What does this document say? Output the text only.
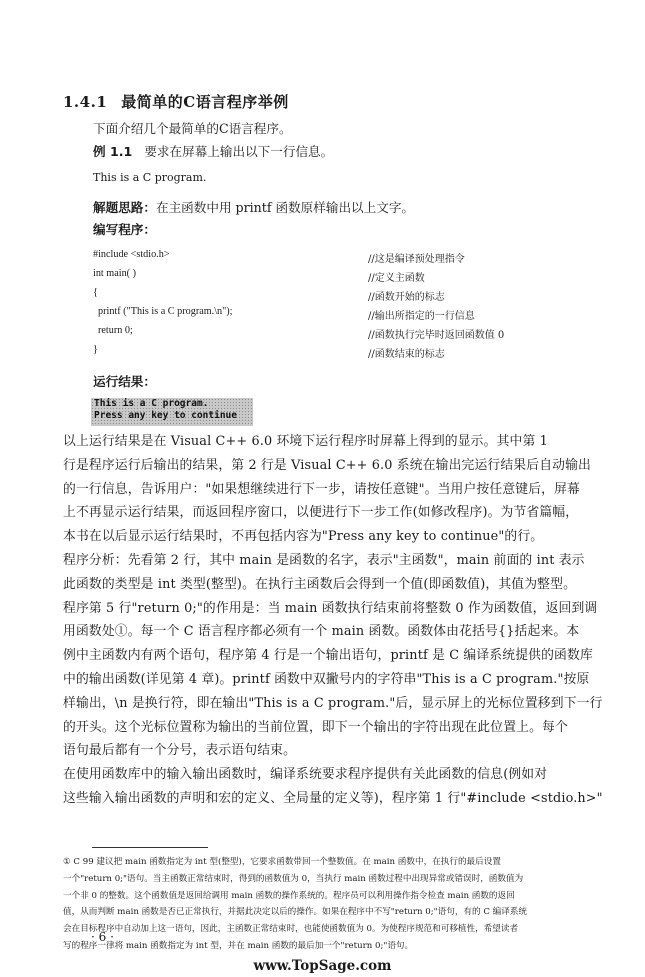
1.4.1 最简单的C语言程序举例
下面介绍几个最简单的C语言程序。
例 1.1 要求在屏幕上输出以下一行信息。
This is a C program.
解题思路：在主函数中用 printf 函数原样输出以上文字。
编写程序：
#include <stdio.h>	//这是编译预处理指令
int main( )	//定义主函数
{	//函数开始的标志
printf ("This is a C program.\n");	//输出所指定的一行信息
return 0;	//函数执行完毕时返回函数值 0
}	//函数结束的标志
运行结果：
This is a C program.
Press any key to continue
以上运行结果是在 Visual C++ 6.0 环境下运行程序时屏幕上得到的显示。其中第 1
行是程序运行后输出的结果，第 2 行是 Visual C++ 6.0 系统在输出完运行结果后自动输出
的一行信息，告诉用户："如果想继续进行下一步，请按任意键"。当用户按任意键后，屏幕
上不再显示运行结果，而返回程序窗口，以便进行下一步工作(如修改程序)。为节省篇幅，
本书在以后显示运行结果时，不再包括内容为"Press any key to continue"的行。
程序分析：先看第 2 行，其中 main 是函数的名字，表示"主函数"，main 前面的 int 表示
此函数的类型是 int 类型(整型)。在执行主函数后会得到一个值(即函数值)，其值为整型。
程序第 5 行"return 0;"的作用是：当 main 函数执行结束前将整数 0 作为函数值，返回到调
用函数处①。每一个 C 语言程序都必须有一个 main 函数。函数体由花括号{}括起来。本
例中主函数内有两个语句，程序第 4 行是一个输出语句，printf 是 C 编译系统提供的函数库
中的输出函数(详见第 4 章)。printf 函数中双撇号内的字符串"This is a C program."按原
样输出，\n 是换行符，即在输出"This is a C program."后，显示屏上的光标位置移到下一行
的开头。这个光标位置称为输出的当前位置，即下一个输出的字符出现在此位置上。每个
语句最后都有一个分号，表示语句结束。
在使用函数库中的输入输出函数时，编译系统要求程序提供有关此函数的信息(例如对
这些输入输出函数的声明和宏的定义、全局量的定义等)，程序第 1 行"#include <stdio.h>"
① C 99 建议把 main 函数指定为 int 型(整型)，它要求函数带回一个整数值。在 main 函数中，在执行的最后设置
一个"return 0;"语句。当主函数正常结束时，得到的函数值为 0，当执行 main 函数过程中出现异常或错误时，函数值为
一个非 0 的整数。这个函数值是返回给调用 main 函数的操作系统的。程序员可以利用操作指令检查 main 函数的返回
值，从而判断 main 函数是否已正常执行，并据此决定以后的操作。如果在程序中不写"return 0;"语句，有的 C 编译系统
会在目标程序中自动加上这一语句，因此，主函数正常结束时，也能使函数值为 0。为使程序规范和可移植性，希望读者
写的程序一律将 main 函数指定为 int 型，并在 main 函数的最后加一个"return 0;"语句。
· 6 ·
www.TopSage.com
